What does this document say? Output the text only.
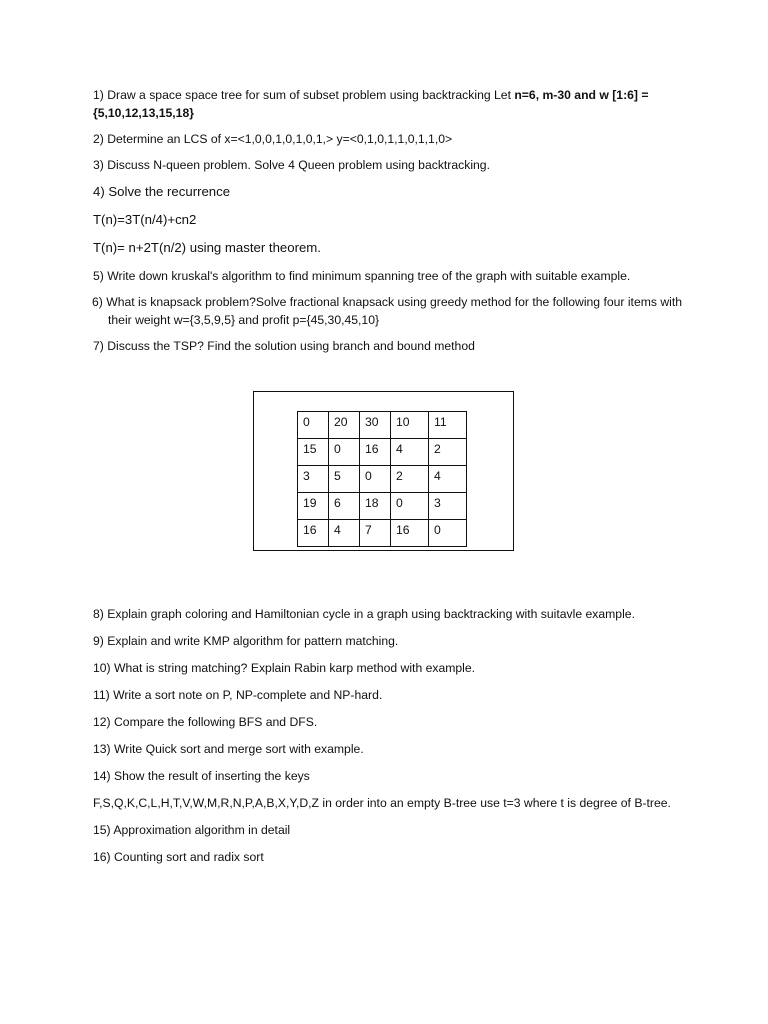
1) Draw a space space tree for sum of subset problem using backtracking Let n=6, m-30 and w [1:6] = {5,10,12,13,15,18}

2) Determine an LCS of x=<1,0,0,1,0,1,0,1,> y=<0,1,0,1,1,0,1,1,0>

3) Discuss N-queen problem. Solve 4 Queen problem using backtracking.

4) Solve the recurrence

T(n)=3T(n/4)+cn2

T(n)= n+2T(n/2) using master theorem.

5) Write down kruskal's algorithm to find minimum spanning tree of the graph with suitable example.

6) What is knapsack problem?Solve fractional knapsack using greedy method for the following four items with their weight w={3,5,9,5} and profit p={45,30,45,10}

7) Discuss the TSP? Find the solution using branch and bound method

0	20	30	10	11
15	0	16	4	2
3	5	0	2	4
19	6	18	0	3
16	4	7	16	0

8) Explain graph coloring and Hamiltonian cycle in a graph using backtracking with suitavle example.

9) Explain and write KMP algorithm for pattern matching.

10) What is string matching? Explain Rabin karp method with example.

11) Write a sort note on P, NP-complete and NP-hard.

12) Compare the following BFS and DFS.

13) Write Quick sort and merge sort with example.

14) Show the result of inserting the keys

F,S,Q,K,C,L,H,T,V,W,M,R,N,P,A,B,X,Y,D,Z in order into an empty B-tree use t=3 where t is degree of B-tree.

15) Approximation algorithm in detail

16) Counting sort and radix sort
